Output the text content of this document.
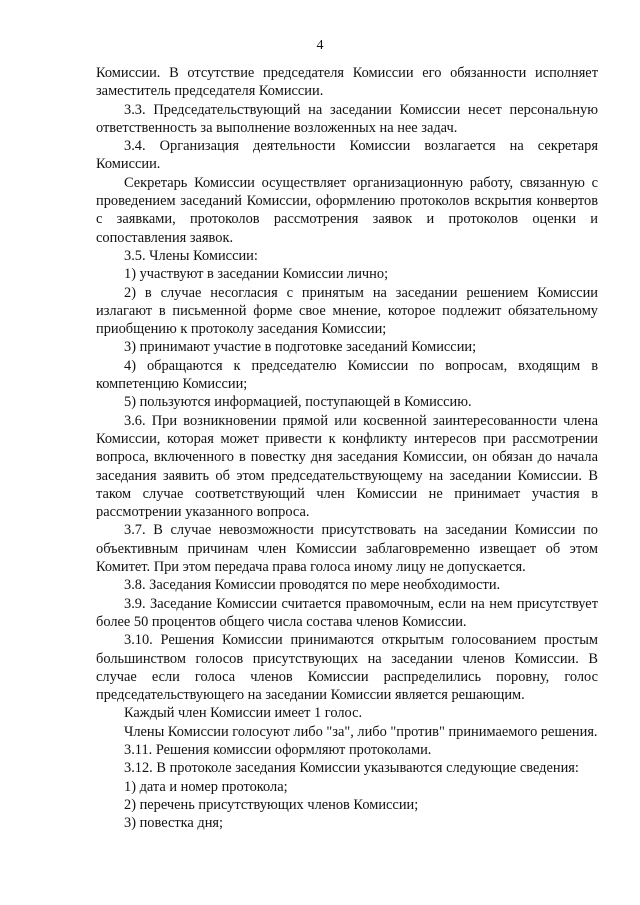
4

Комиссии. В отсутствие председателя Комиссии его обязанности исполняет заместитель председателя Комиссии.

3.3. Председательствующий на заседании Комиссии несет персональную ответственность за выполнение возложенных на нее задач.

3.4. Организация деятельности Комиссии возлагается на секретаря Комиссии.

Секретарь Комиссии осуществляет организационную работу, связанную с проведением заседаний Комиссии, оформлению протоколов вскрытия конвертов с заявками, протоколов рассмотрения заявок и протоколов оценки и сопоставления заявок.

3.5. Члены Комиссии:

1) участвуют в заседании Комиссии лично;

2) в случае несогласия с принятым на заседании решением Комиссии излагают в письменной форме свое мнение, которое подлежит обязательному приобщению к протоколу заседания Комиссии;

3) принимают участие в подготовке заседаний Комиссии;

4) обращаются к председателю Комиссии по вопросам, входящим в компетенцию Комиссии;

5) пользуются информацией, поступающей в Комиссию.

3.6. При возникновении прямой или косвенной заинтересованности члена Комиссии, которая может привести к конфликту интересов при рассмотрении вопроса, включенного в повестку дня заседания Комиссии, он обязан до начала заседания заявить об этом председательствующему на заседании Комиссии. В таком случае соответствующий член Комиссии не принимает участия в рассмотрении указанного вопроса.

3.7. В случае невозможности присутствовать на заседании Комиссии по объективным причинам член Комиссии заблаговременно извещает об этом Комитет. При этом передача права голоса иному лицу не допускается.

3.8. Заседания Комиссии проводятся по мере необходимости.

3.9. Заседание Комиссии считается правомочным, если на нем присутствует более 50 процентов общего числа состава членов Комиссии.

3.10. Решения Комиссии принимаются открытым голосованием простым большинством голосов присутствующих на заседании членов Комиссии. В случае если голоса членов Комиссии распределились поровну, голос председательствующего на заседании Комиссии является решающим.

Каждый член Комиссии имеет 1 голос.

Члены Комиссии голосуют либо "за", либо "против" принимаемого решения.

3.11. Решения комиссии оформляют протоколами.

3.12. В протоколе заседания Комиссии указываются следующие сведения:

1) дата и номер протокола;

2) перечень присутствующих членов Комиссии;

3) повестка дня;
